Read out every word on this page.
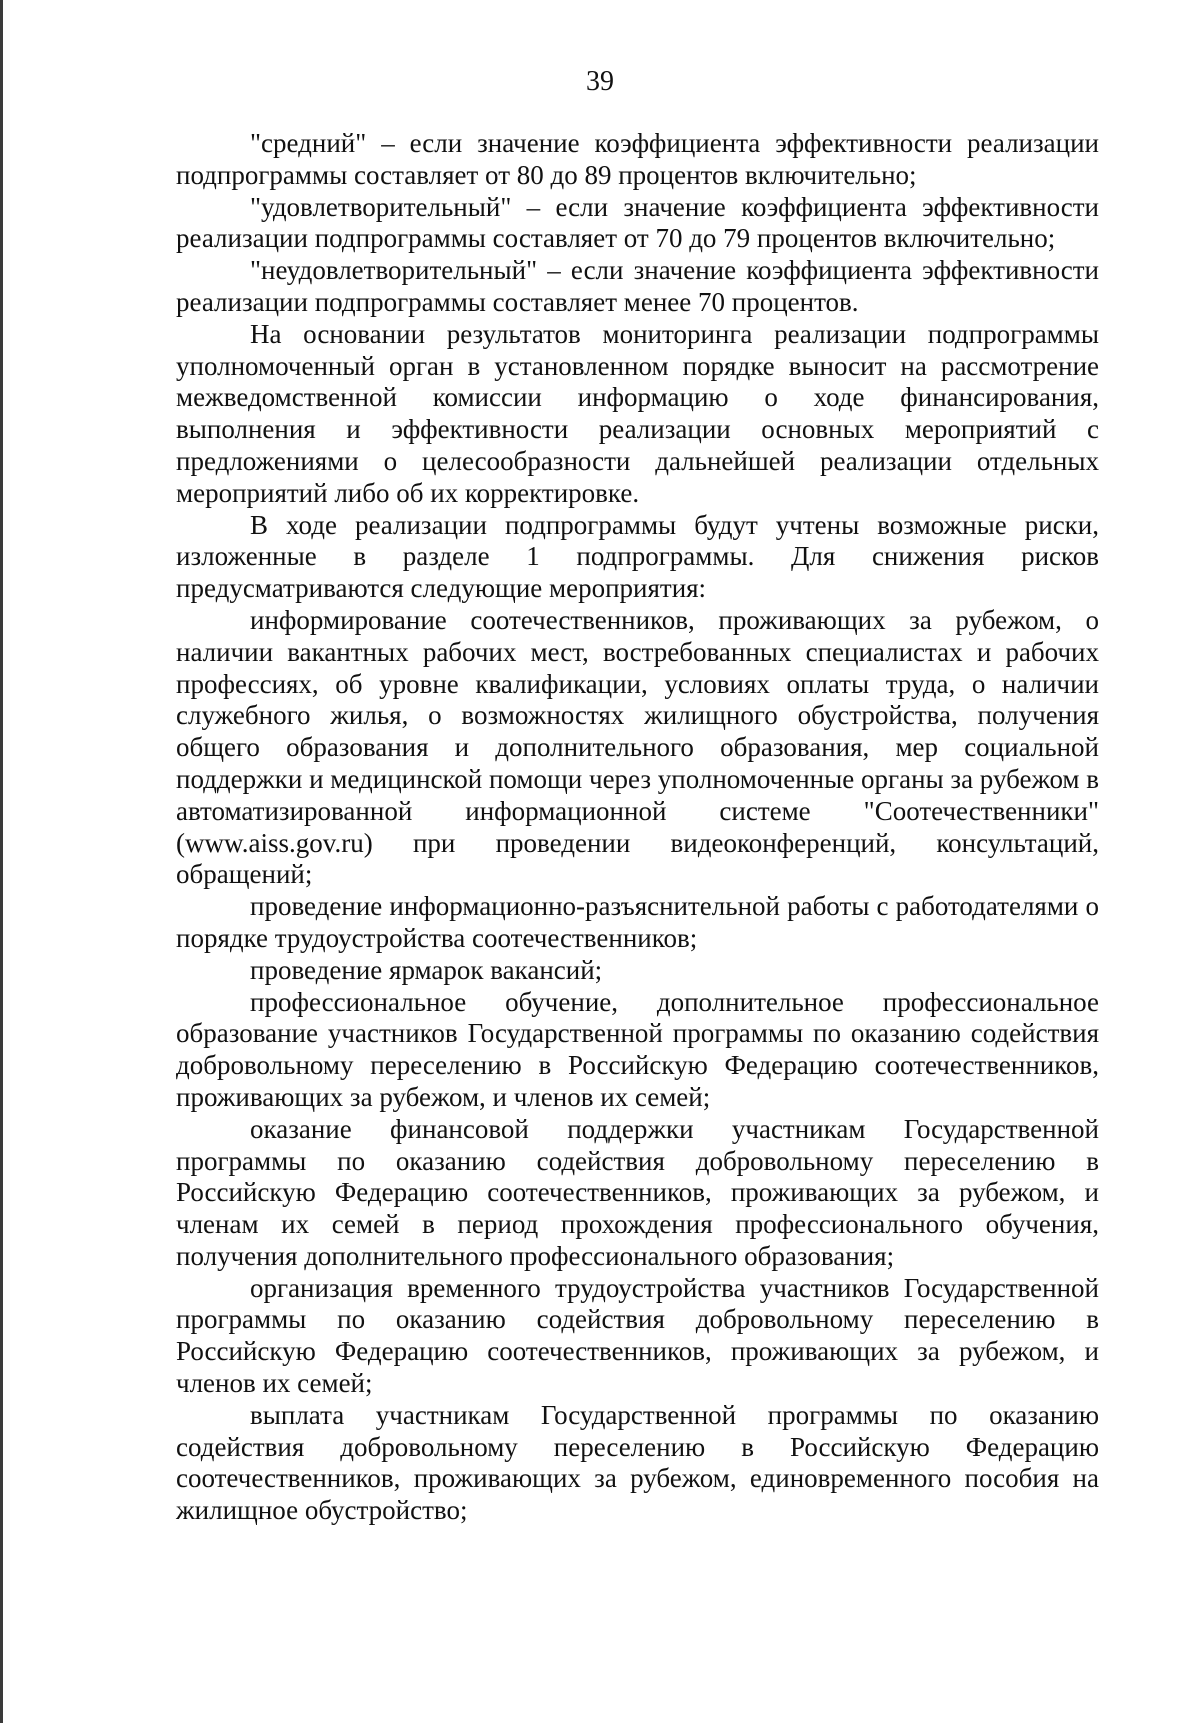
39

"средний" – если значение коэффициента эффективности реализации подпрограммы составляет от 80 до 89 процентов включительно;

"удовлетворительный" – если значение коэффициента эффективности реализации подпрограммы составляет от 70 до 79 процентов включительно;

"неудовлетворительный" – если значение коэффициента эффективности реализации подпрограммы составляет менее 70 процентов.

На основании результатов мониторинга реализации подпрограммы уполномоченный орган в установленном порядке выносит на рассмотрение межведомственной комиссии информацию о ходе финансирования, выполнения и эффективности реализации основных мероприятий с предложениями о целесообразности дальнейшей реализации отдельных мероприятий либо об их корректировке.

В ходе реализации подпрограммы будут учтены возможные риски, изложенные в разделе 1 подпрограммы. Для снижения рисков предусматриваются следующие мероприятия:

информирование соотечественников, проживающих за рубежом, о наличии вакантных рабочих мест, востребованных специалистах и рабочих профессиях, об уровне квалификации, условиях оплаты труда, о наличии служебного жилья, о возможностях жилищного обустройства, получения общего образования и дополнительного образования, мер социальной поддержки и медицинской помощи через уполномоченные органы за рубежом в автоматизированной информационной системе "Соотечественники" (www.aiss.gov.ru) при проведении видеоконференций, консультаций, обращений;

проведение информационно-разъяснительной работы с работодателями о порядке трудоустройства соотечественников;

проведение ярмарок вакансий;

профессиональное обучение, дополнительное профессиональное образование участников Государственной программы по оказанию содействия добровольному переселению в Российскую Федерацию соотечественников, проживающих за рубежом, и членов их семей;

оказание финансовой поддержки участникам Государственной программы по оказанию содействия добровольному переселению в Российскую Федерацию соотечественников, проживающих за рубежом, и членам их семей в период прохождения профессионального обучения, получения дополнительного профессионального образования;

организация временного трудоустройства участников Государственной программы по оказанию содействия добровольному переселению в Российскую Федерацию соотечественников, проживающих за рубежом, и членов их семей;

выплата участникам Государственной программы по оказанию содействия добровольному переселению в Российскую Федерацию соотечественников, проживающих за рубежом, единовременного пособия на жилищное обустройство;
